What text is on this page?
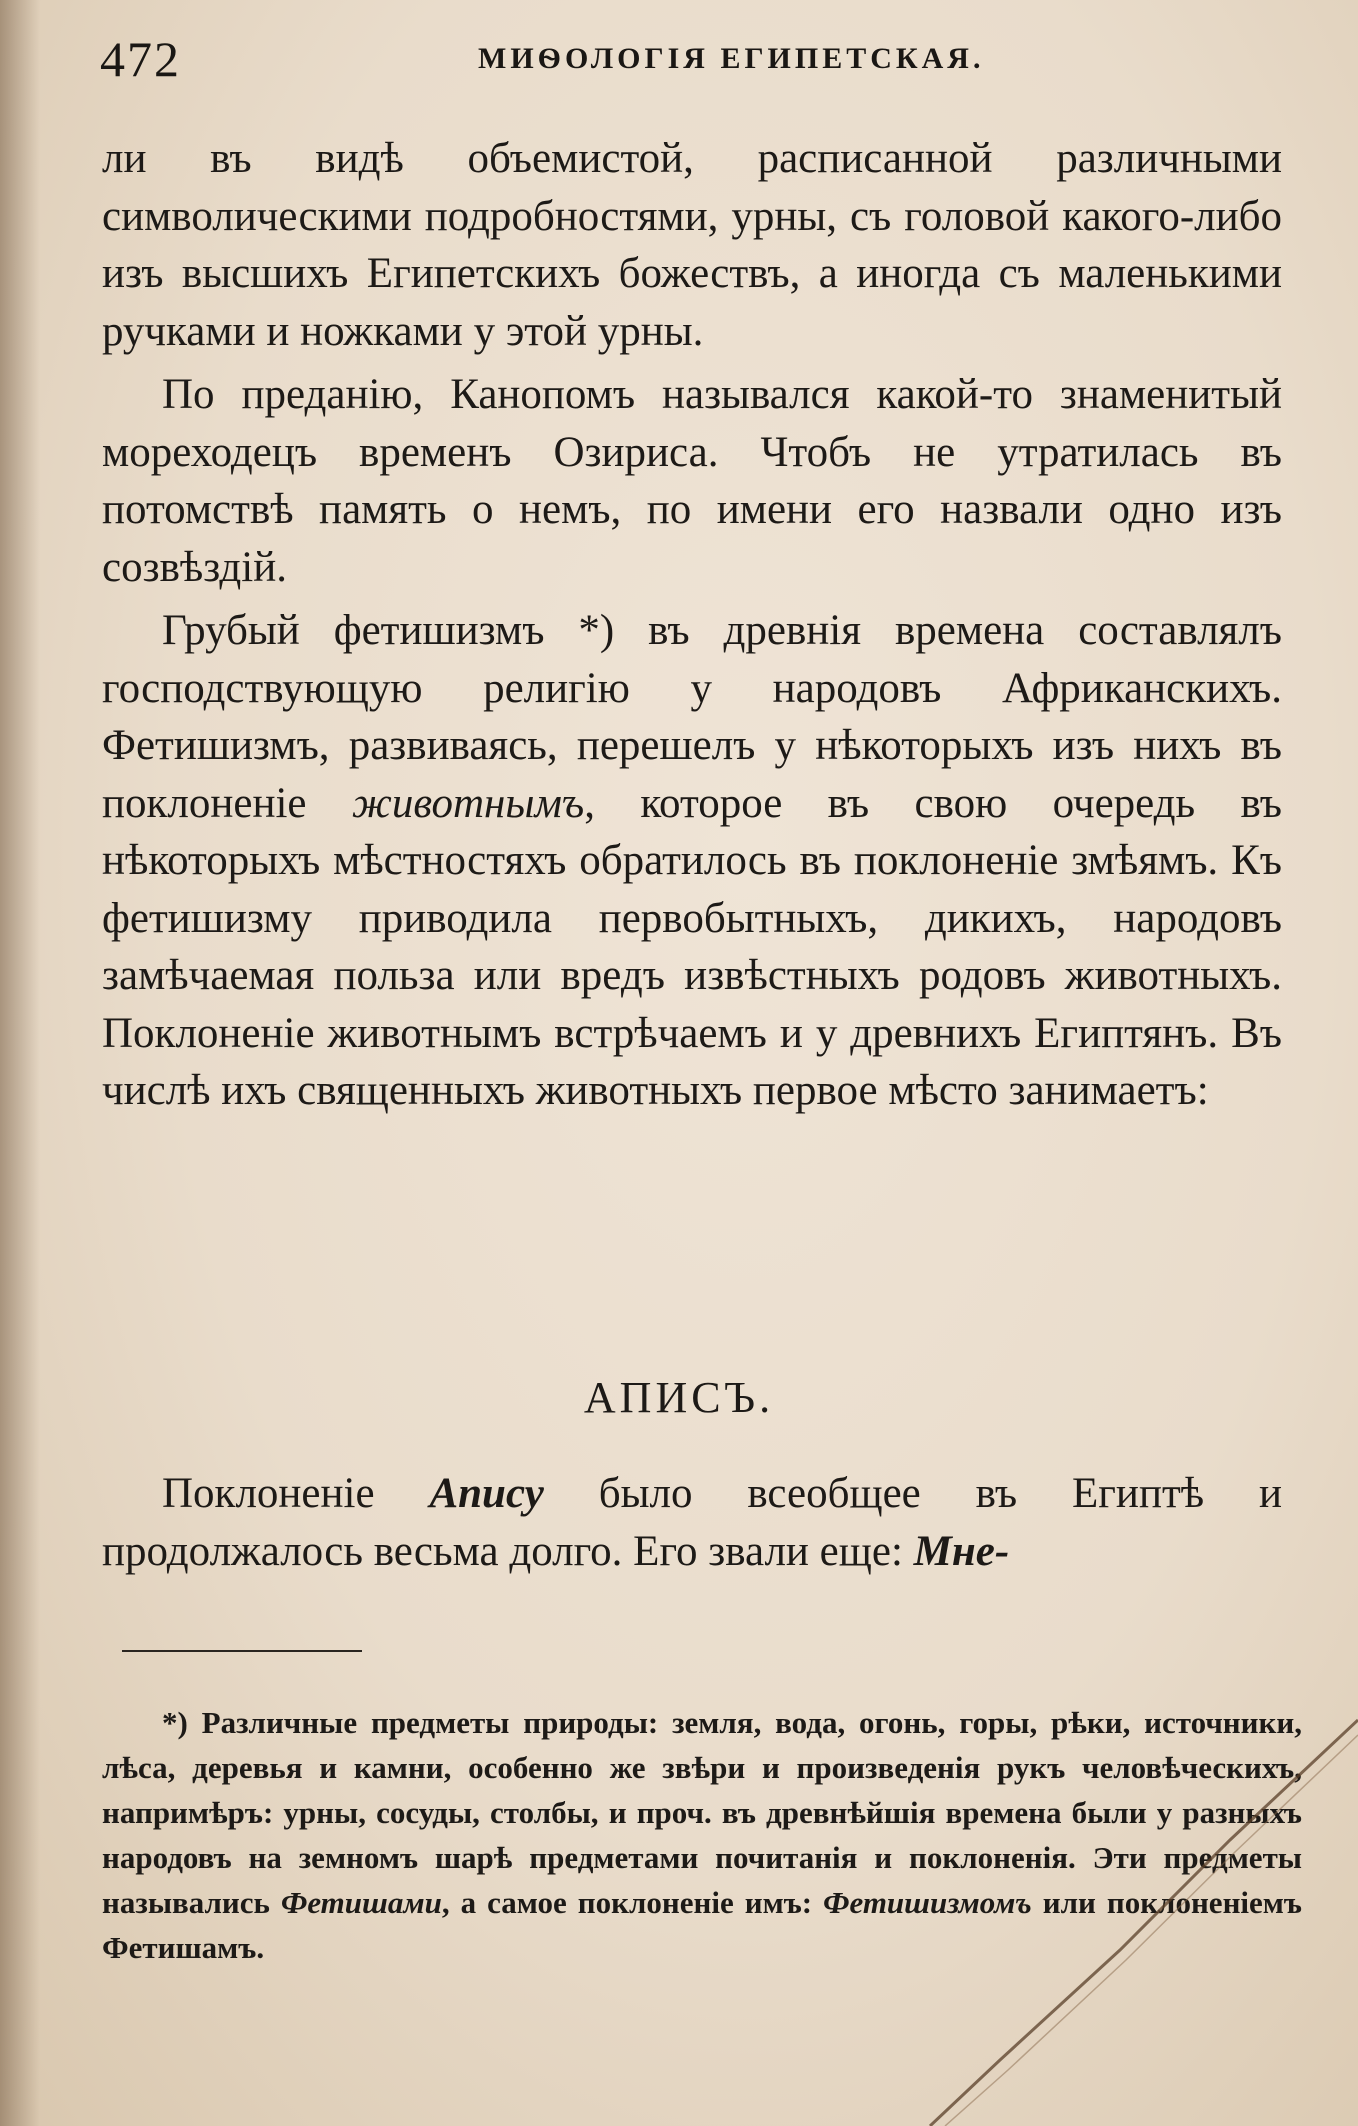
472	МИѲОЛОГІЯ ЕГИПЕТСКАЯ.

ли въ видѣ объемистой, расписанной различными символическими подробностями, урны, съ головой какого-либо изъ высшихъ Египетскихъ божествъ, а иногда съ маленькими ручками и ножками у этой урны.

По преданію, Канопомъ назывался какой-то знаменитый мореходецъ временъ Озириса. Чтобъ не утратилась въ потомствѣ память о немъ, по имени его назвали одно изъ созвѣздій.

Грубый фетишизмъ *) въ древнія времена составлялъ господствующую религію у народовъ Африканскихъ. Фетишизмъ, развиваясь, перешелъ у нѣкоторыхъ изъ нихъ въ поклоненіе животнымъ, которое въ свою очередь въ нѣкоторыхъ мѣстностяхъ обратилось въ поклоненіе змѣямъ. Къ фетишизму приводила первобытныхъ, дикихъ, народовъ замѣчаемая польза или вредъ извѣстныхъ родовъ животныхъ. Поклоненіе животнымъ встрѣчаемъ и у древнихъ Египтянъ. Въ числѣ ихъ священныхъ животныхъ первое мѣсто занимаетъ:

АПИСЪ.

Поклоненіе Апису было всеобщее въ Египтѣ и продолжалось весьма долго. Его звали еще: Мне-

*) Различные предметы природы: земля, вода, огонь, горы, рѣки, источники, лѣса, деревья и камни, особенно же звѣри и произведенія рукъ человѣческихъ, напримѣръ: урны, сосуды, столбы, и проч. въ древнѣйшія времена были у разныхъ народовъ на земномъ шарѣ предметами почитанія и поклоненія. Эти предметы назывались Фетишами, а самое поклоненіе имъ: Фетишизмомъ или поклоненіемъ Фетишамъ.
